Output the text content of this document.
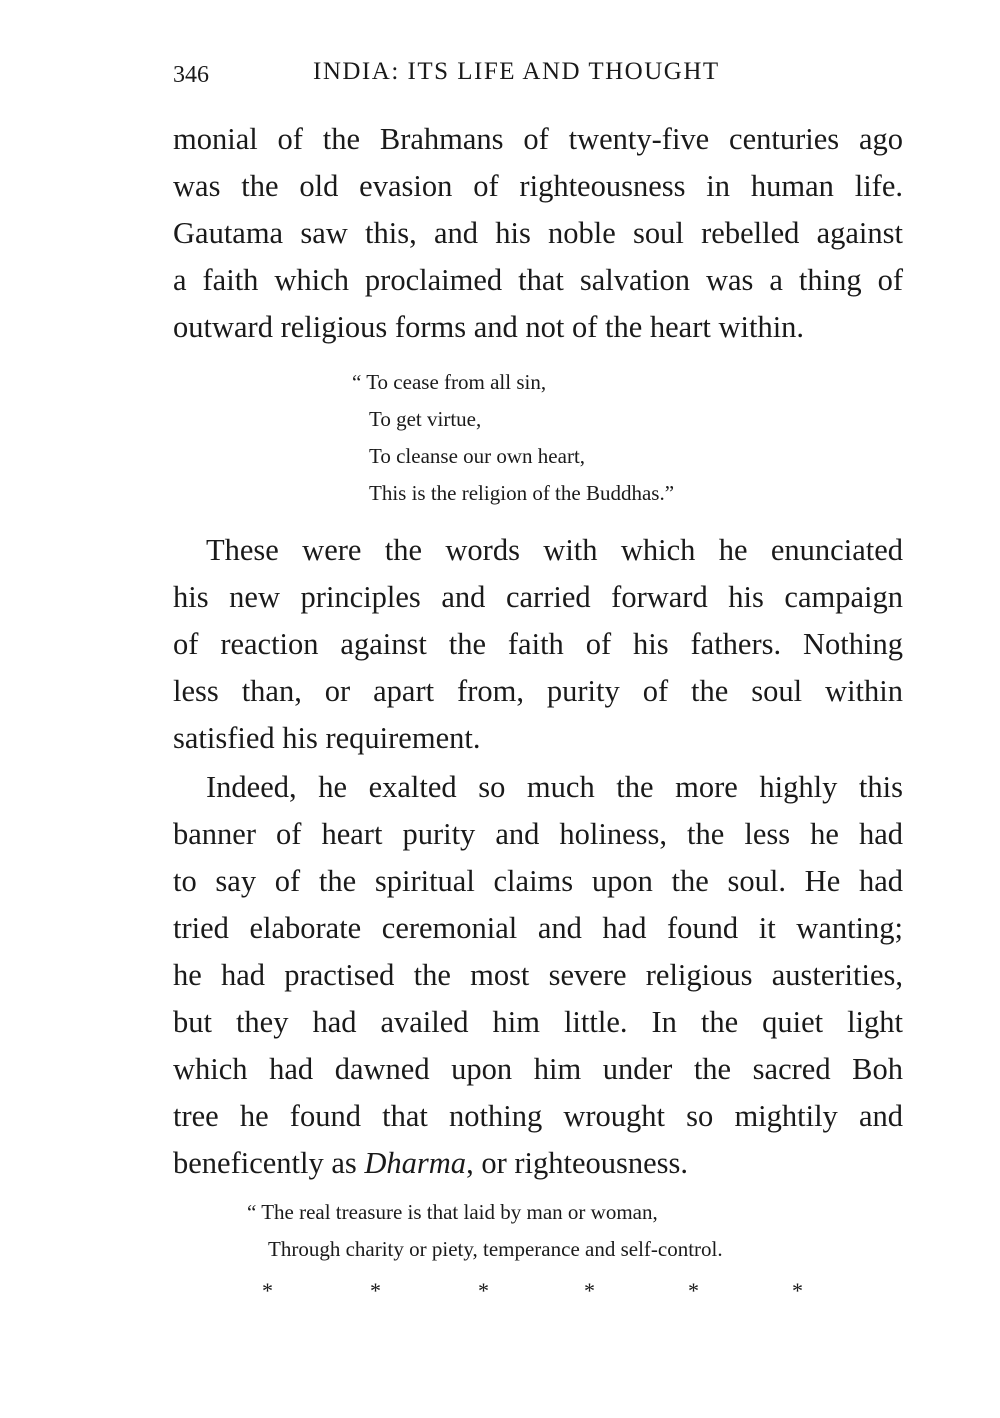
346	INDIA: ITS LIFE AND THOUGHT

monial of the Brahmans of twenty-five centuries ago
was the old evasion of righteousness in human life.
Gautama saw this, and his noble soul rebelled against
a faith which proclaimed that salvation was a thing of
outward religious forms and not of the heart within.

“ To cease from all sin,
To get virtue,
To cleanse our own heart,
This is the religion of the Buddhas.”

These were the words with which he enunciated
his new principles and carried forward his campaign
of reaction against the faith of his fathers. Nothing
less than, or apart from, purity of the soul within
satisfied his requirement.

Indeed, he exalted so much the more highly this
banner of heart purity and holiness, the less he had
to say of the spiritual claims upon the soul. He had
tried elaborate ceremonial and had found it wanting;
he had practised the most severe religious austerities,
but they had availed him little. In the quiet light
which had dawned upon him under the sacred Boh
tree he found that nothing wrought so mightily and
beneficently as Dharma, or righteousness.

“ The real treasure is that laid by man or woman,
Through charity or piety, temperance and self-control.
*	*	*	*	*	*
